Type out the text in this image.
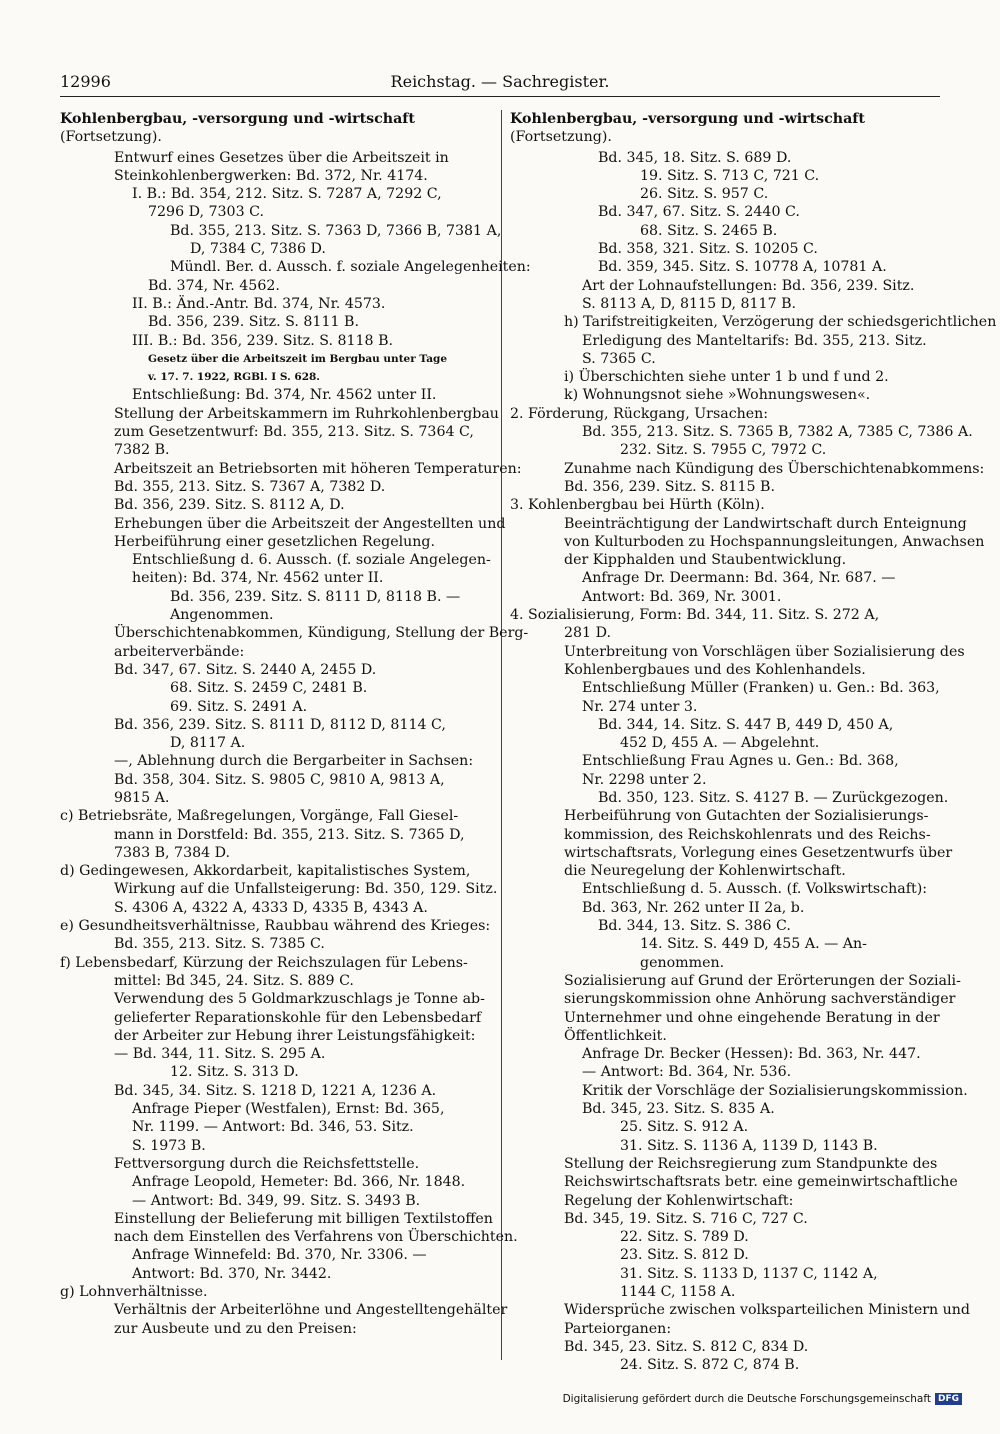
12996	Reichstag. — Sachregister.
Kohlenbergbau, -versorgung und -wirtschaft (Fortsetzung).
Entwurf eines Gesetzes über die Arbeitszeit in
Steinkohlenbergwerken: Bd. 372, Nr. 4174.
I. B.: Bd. 354, 212. Sitz. S. 7287 A, 7292 C,
7296 D, 7303 C.
Bd. 355, 213. Sitz. S. 7363 D, 7366 B, 7381 A,
D, 7384 C, 7386 D.
Mündl. Ber. d. Aussch. f. soziale Angelegenheiten:
Bd. 374, Nr. 4562.
II. B.: Änd.-Antr. Bd. 374, Nr. 4573.
Bd. 356, 239. Sitz. S. 8111 B.
III. B.: Bd. 356, 239. Sitz. S. 8118 B.
Gesetz über die Arbeitszeit im Bergbau unter Tage
v. 17. 7. 1922, RGBl. I S. 628.
Entschließung: Bd. 374, Nr. 4562 unter II.
Stellung der Arbeitskammern im Ruhrkohlenbergbau
zum Gesetzentwurf: Bd. 355, 213. Sitz. S. 7364 C,
7382 B.
Arbeitszeit an Betriebsorten mit höheren Temperaturen:
Bd. 355, 213. Sitz. S. 7367 A, 7382 D.
Bd. 356, 239. Sitz. S. 8112 A, D.
Erhebungen über die Arbeitszeit der Angestellten und
Herbeiführung einer gesetzlichen Regelung.
Entschließung d. 6. Aussch. (f. soziale Angelegen-
heiten): Bd. 374, Nr. 4562 unter II.
Bd. 356, 239. Sitz. S. 8111 D, 8118 B. —
Angenommen.
Überschichtenabkommen, Kündigung, Stellung der Berg-
arbeiterverbände:
Bd. 347, 67. Sitz. S. 2440 A, 2455 D.
68. Sitz. S. 2459 C, 2481 B.
69. Sitz. S. 2491 A.
Bd. 356, 239. Sitz. S. 8111 D, 8112 D, 8114 C,
D, 8117 A.
—, Ablehnung durch die Bergarbeiter in Sachsen:
Bd. 358, 304. Sitz. S. 9805 C, 9810 A, 9813 A,
9815 A.
c) Betriebsräte, Maßregelungen, Vorgänge, Fall Giesel-
mann in Dorstfeld: Bd. 355, 213. Sitz. S. 7365 D,
7383 B, 7384 D.
d) Gedingewesen, Akkordarbeit, kapitalistisches System,
Wirkung auf die Unfallsteigerung: Bd. 350, 129. Sitz.
S. 4306 A, 4322 A, 4333 D, 4335 B, 4343 A.
e) Gesundheitsverhältnisse, Raubbau während des Krieges:
Bd. 355, 213. Sitz. S. 7385 C.
f) Lebensbedarf, Kürzung der Reichszulagen für Lebens-
mittel: Bd 345, 24. Sitz. S. 889 C.
Verwendung des 5 Goldmarkzuschlags je Tonne ab-
gelieferter Reparationskohle für den Lebensbedarf
der Arbeiter zur Hebung ihrer Leistungsfähigkeit:
— Bd. 344, 11. Sitz. S. 295 A.
12. Sitz. S. 313 D.
Bd. 345, 34. Sitz. S. 1218 D, 1221 A, 1236 A.
Anfrage Pieper (Westfalen), Ernst: Bd. 365,
Nr. 1199. — Antwort: Bd. 346, 53. Sitz.
S. 1973 B.
Fettversorgung durch die Reichsfettstelle.
Anfrage Leopold, Hemeter: Bd. 366, Nr. 1848.
— Antwort: Bd. 349, 99. Sitz. S. 3493 B.
Einstellung der Belieferung mit billigen Textilstoffen
nach dem Einstellen des Verfahrens von Überschichten.
Anfrage Winnefeld: Bd. 370, Nr. 3306. —
Antwort: Bd. 370, Nr. 3442.
g) Lohnverhältnisse.
Verhältnis der Arbeiterlöhne und Angestelltengehälter
zur Ausbeute und zu den Preisen:
Kohlenbergbau, -versorgung und -wirtschaft (Fortsetzung).
Bd. 345, 18. Sitz. S. 689 D.
19. Sitz. S. 713 C, 721 C.
26. Sitz. S. 957 C.
Bd. 347, 67. Sitz. S. 2440 C.
68. Sitz. S. 2465 B.
Bd. 358, 321. Sitz. S. 10205 C.
Bd. 359, 345. Sitz. S. 10778 A, 10781 A.
Art der Lohnaufstellungen: Bd. 356, 239. Sitz.
S. 8113 A, D, 8115 D, 8117 B.
h) Tarifstreitigkeiten, Verzögerung der schiedsgerichtlichen
Erledigung des Manteltarifs: Bd. 355, 213. Sitz.
S. 7365 C.
i) Überschichten siehe unter 1 b und f und 2.
k) Wohnungsnot siehe »Wohnungswesen«.
2. Förderung, Rückgang, Ursachen:
Bd. 355, 213. Sitz. S. 7365 B, 7382 A, 7385 C, 7386 A.
232. Sitz. S. 7955 C, 7972 C.
Zunahme nach Kündigung des Überschichtenabkommens:
Bd. 356, 239. Sitz. S. 8115 B.
3. Kohlenbergbau bei Hürth (Köln).
Beeinträchtigung der Landwirtschaft durch Enteignung
von Kulturboden zu Hochspannungsleitungen, Anwachsen
der Kipphalden und Staubentwicklung.
Anfrage Dr. Deermann: Bd. 364, Nr. 687. —
Antwort: Bd. 369, Nr. 3001.
4. Sozialisierung, Form: Bd. 344, 11. Sitz. S. 272 A,
281 D.
Unterbreitung von Vorschlägen über Sozialisierung des
Kohlenbergbaues und des Kohlenhandels.
Entschließung Müller (Franken) u. Gen.: Bd. 363,
Nr. 274 unter 3.
Bd. 344, 14. Sitz. S. 447 B, 449 D, 450 A,
452 D, 455 A. — Abgelehnt.
Entschließung Frau Agnes u. Gen.: Bd. 368,
Nr. 2298 unter 2.
Bd. 350, 123. Sitz. S. 4127 B. — Zurückgezogen.
Herbeiführung von Gutachten der Sozialisierungs-
kommission, des Reichskohlenrats und des Reichs-
wirtschaftsrats, Vorlegung eines Gesetzentwurfs über
die Neuregelung der Kohlenwirtschaft.
Entschließung d. 5. Aussch. (f. Volkswirtschaft):
Bd. 363, Nr. 262 unter II 2a, b.
Bd. 344, 13. Sitz. S. 386 C.
14. Sitz. S. 449 D, 455 A. — An-
genommen.
Sozialisierung auf Grund der Erörterungen der Soziali-
sierungskommission ohne Anhörung sachverständiger
Unternehmer und ohne eingehende Beratung in der
Öffentlichkeit.
Anfrage Dr. Becker (Hessen): Bd. 363, Nr. 447.
— Antwort: Bd. 364, Nr. 536.
Kritik der Vorschläge der Sozialisierungskommission.
Bd. 345, 23. Sitz. S. 835 A.
25. Sitz. S. 912 A.
31. Sitz. S. 1136 A, 1139 D, 1143 B.
Stellung der Reichsregierung zum Standpunkte des
Reichswirtschaftsrats betr. eine gemeinwirtschaftliche
Regelung der Kohlenwirtschaft:
Bd. 345, 19. Sitz. S. 716 C, 727 C.
22. Sitz. S. 789 D.
23. Sitz. S. 812 D.
31. Sitz. S. 1133 D, 1137 C, 1142 A,
1144 C, 1158 A.
Widersprüche zwischen volksparteilichen Ministern und
Parteiorganen:
Bd. 345, 23. Sitz. S. 812 C, 834 D.
24. Sitz. S. 872 C, 874 B.
Digitalisierung gefördert durch die Deutsche Forschungsgemeinschaft DFG
